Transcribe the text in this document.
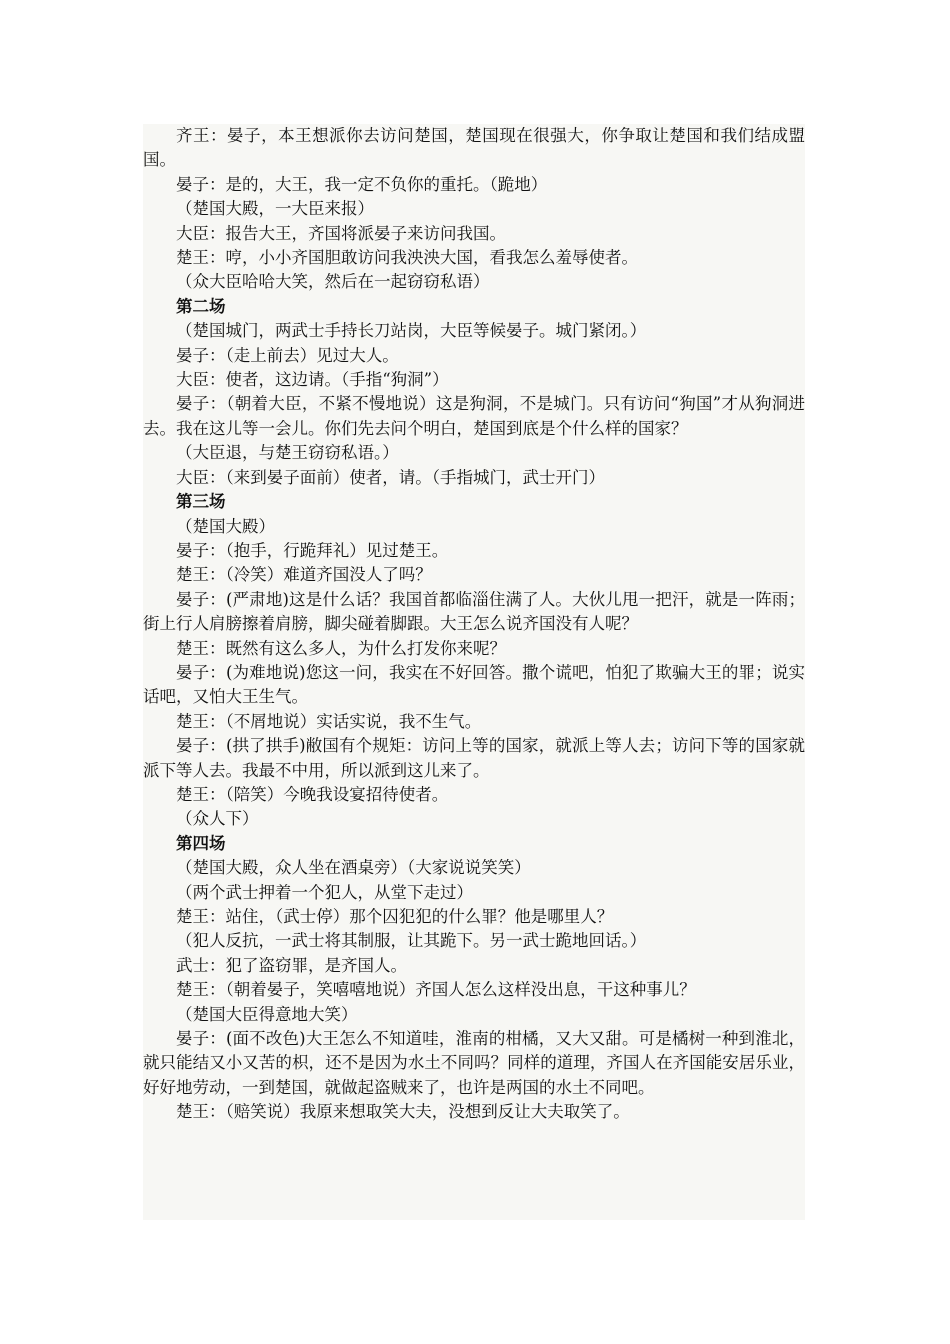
齐王：晏子，本王想派你去访问楚国，楚国现在很强大，你争取让楚国和我们结成盟国。

晏子：是的，大王，我一定不负你的重托。（跪地）

（楚国大殿，一大臣来报）

大臣：报告大王，齐国将派晏子来访问我国。

楚王：哼，小小齐国胆敢访问我泱泱大国，看我怎么羞辱使者。

（众大臣哈哈大笑，然后在一起窃窃私语）

第二场

（楚国城门，两武士手持长刀站岗，大臣等候晏子。城门紧闭。）

晏子：（走上前去）见过大人。

大臣：使者，这边请。（手指“狗洞”）

晏子：（朝着大臣，不紧不慢地说）这是狗洞，不是城门。只有访问“狗国”才从狗洞进去。我在这儿等一会儿。你们先去问个明白，楚国到底是个什么样的国家？

（大臣退，与楚王窃窃私语。）

大臣：（来到晏子面前）使者，请。（手指城门，武士开门）

第三场

（楚国大殿）

晏子：（抱手，行跪拜礼）见过楚王。

楚王：（冷笑）难道齐国没人了吗？

晏子：(严肃地)这是什么话？我国首都临淄住满了人。大伙儿甩一把汗，就是一阵雨；街上行人肩膀擦着肩膀，脚尖碰着脚跟。大王怎么说齐国没有人呢？

楚王：既然有这么多人，为什么打发你来呢？

晏子：(为难地说)您这一问，我实在不好回答。撒个谎吧，怕犯了欺骗大王的罪；说实话吧，又怕大王生气。

楚王：（不屑地说）实话实说，我不生气。

晏子：(拱了拱手)敝国有个规矩：访问上等的国家，就派上等人去；访问下等的国家就派下等人去。我最不中用，所以派到这儿来了。

楚王：（陪笑）今晚我设宴招待使者。

（众人下）

第四场

（楚国大殿，众人坐在酒桌旁）（大家说说笑笑）

（两个武士押着一个犯人，从堂下走过）

楚王：站住，（武士停）那个囚犯犯的什么罪？他是哪里人？

（犯人反抗，一武士将其制服，让其跪下。另一武士跪地回话。）

武士：犯了盗窃罪，是齐国人。

楚王：（朝着晏子，笑嘻嘻地说）齐国人怎么这样没出息，干这种事儿？

（楚国大臣得意地大笑）

晏子：(面不改色)大王怎么不知道哇，淮南的柑橘，又大又甜。可是橘树一种到淮北，就只能结又小又苦的枳，还不是因为水土不同吗？同样的道理，齐国人在齐国能安居乐业，好好地劳动，一到楚国，就做起盗贼来了，也许是两国的水土不同吧。

楚王：（赔笑说）我原来想取笑大夫，没想到反让大夫取笑了。
